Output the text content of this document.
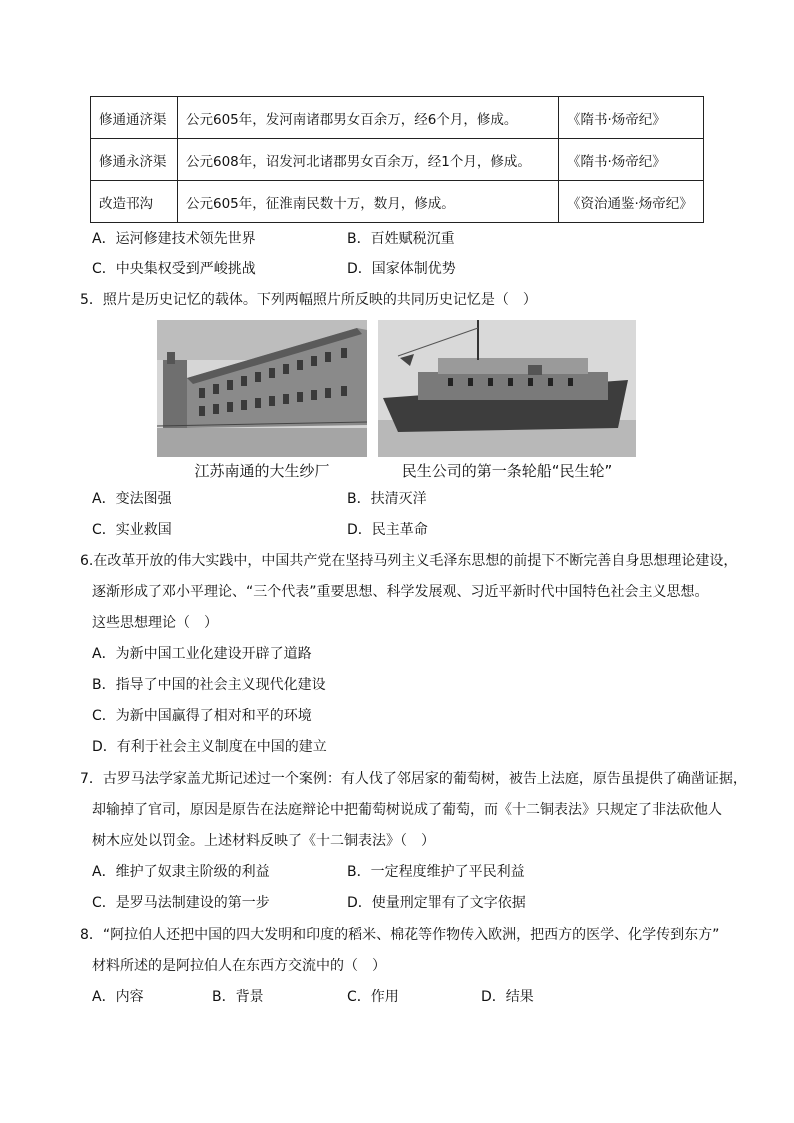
修通通济渠	公元605年，发河南诸郡男女百余万，经6个月，修成。	《隋书·炀帝纪》
修通永济渠	公元608年，诏发河北诸郡男女百余万，经1个月，修成。	《隋书·炀帝纪》
改造邗沟	公元605年，征淮南民数十万，数月，修成。	《资治通鉴·炀帝纪》
A．运河修建技术领先世界	B．百姓赋税沉重
C．中央集权受到严峻挑战	D．国家体制优势
5．照片是历史记忆的载体。下列两幅照片所反映的共同历史记忆是（　）
江苏南通的大生纱厂	民生公司的第一条轮船“民生轮”
A．变法图强	B．扶清灭洋
C．实业救国	D．民主革命
6.在改革开放的伟大实践中，中国共产党在坚持马列主义毛泽东思想的前提下不断完善自身思想理论建设，
逐渐形成了邓小平理论、“三个代表”重要思想、科学发展观、习近平新时代中国特色社会主义思想。
这些思想理论（　）
A．为新中国工业化建设开辟了道路
B．指导了中国的社会主义现代化建设
C．为新中国赢得了相对和平的环境
D．有利于社会主义制度在中国的建立
7．古罗马法学家盖尤斯记述过一个案例：有人伐了邻居家的葡萄树，被告上法庭，原告虽提供了确凿证据，
却输掉了官司，原因是原告在法庭辩论中把葡萄树说成了葡萄，而《十二铜表法》只规定了非法砍他人
树木应处以罚金。上述材料反映了《十二铜表法》（　）
A．维护了奴隶主阶级的利益	B．一定程度维护了平民利益
C．是罗马法制建设的第一步	D．使量刑定罪有了文字依据
8．“阿拉伯人还把中国的四大发明和印度的稻米、棉花等作物传入欧洲，把西方的医学、化学传到东方”
材料所述的是阿拉伯人在东西方交流中的（　）
A．内容	B．背景	C．作用	D．结果
